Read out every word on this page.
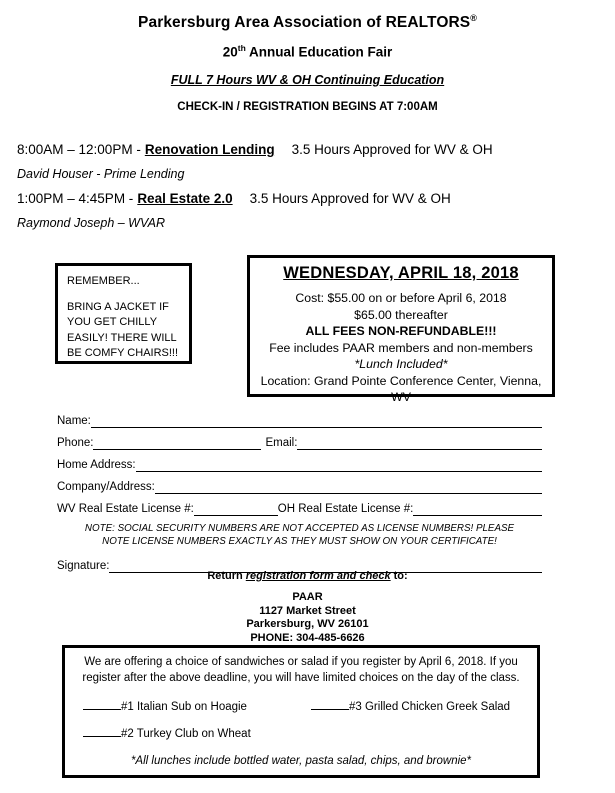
Parkersburg Area Association of REALTORS®
20th Annual Education Fair
FULL 7 Hours WV & OH Continuing Education
CHECK-IN / REGISTRATION BEGINS AT 7:00AM
8:00AM – 12:00PM - Renovation Lending 3.5 Hours Approved for WV & OH
David Houser - Prime Lending
1:00PM – 4:45PM - Real Estate 2.0 3.5 Hours Approved for WV & OH
Raymond Joseph – WVAR
REMEMBER...
BRING A JACKET IF YOU GET CHILLY EASILY! THERE WILL BE COMFY CHAIRS!!!
WEDNESDAY, APRIL 18, 2018
Cost: $55.00 on or before April 6, 2018
$65.00 thereafter
ALL FEES NON-REFUNDABLE!!!
Fee includes PAAR members and non-members
*Lunch Included*
Location: Grand Pointe Conference Center, Vienna, WV
Name:
Phone:	Email:
Home Address:
Company/Address:
WV Real Estate License #:	OH Real Estate License #:
NOTE: SOCIAL SECURITY NUMBERS ARE NOT ACCEPTED AS LICENSE NUMBERS! PLEASE NOTE LICENSE NUMBERS EXACTLY AS THEY MUST SHOW ON YOUR CERTIFICATE!
Signature:
Return registration form and check to:
PAAR
1127 Market Street
Parkersburg, WV 26101
PHONE: 304-485-6626
We are offering a choice of sandwiches or salad if you register by April 6, 2018. If you register after the above deadline, you will have limited choices on the day of the class.
#1 Italian Sub on Hoagie	#3 Grilled Chicken Greek Salad
#2 Turkey Club on Wheat
*All lunches include bottled water, pasta salad, chips, and brownie*
